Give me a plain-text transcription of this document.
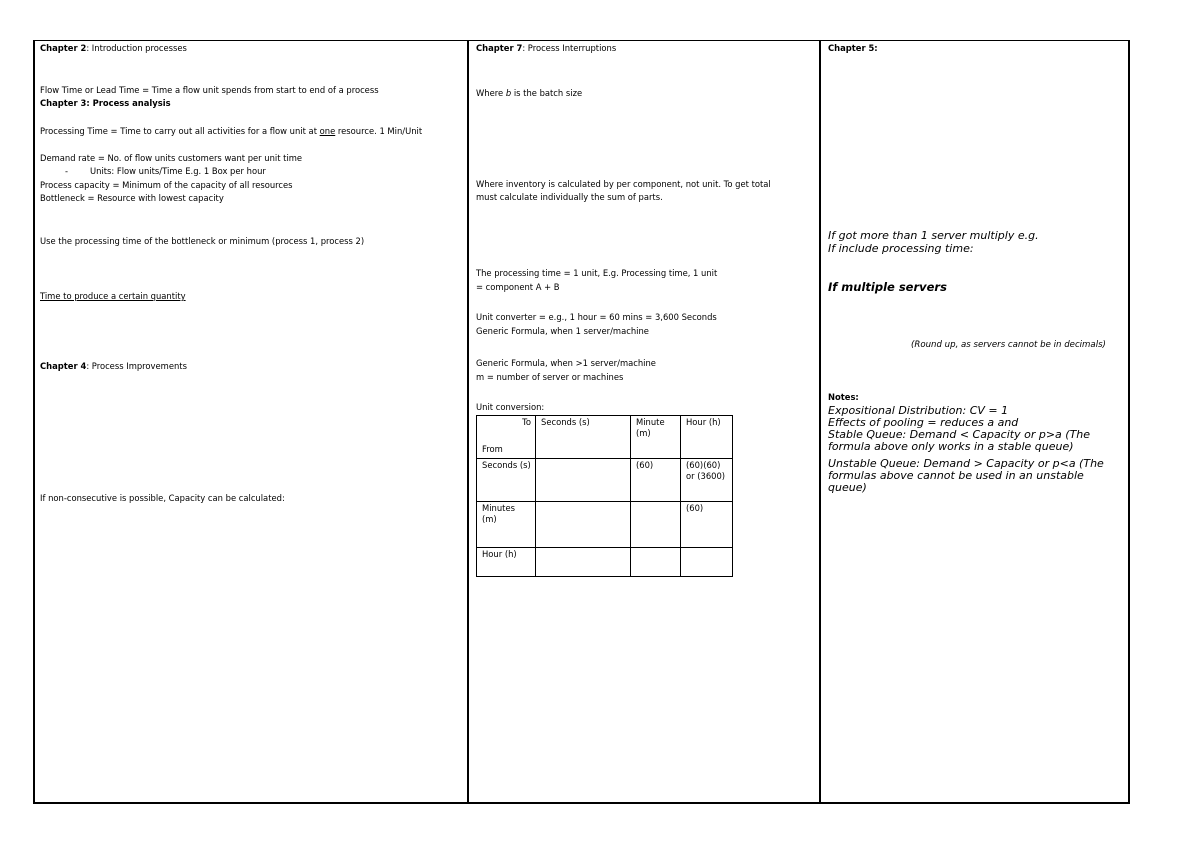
Chapter 2: Introduction processes
Flow Time or Lead Time = Time a flow unit spends from start to end of a process
Chapter 3: Process analysis
Processing Time = Time to carry out all activities for a flow unit at one resource. 1 Min/Unit
Demand rate = No. of flow units customers want per unit time
-	Units: Flow units/Time E.g. 1 Box per hour
Process capacity = Minimum of the capacity of all resources
Bottleneck = Resource with lowest capacity
Use the processing time of the bottleneck or minimum (process 1, process 2)
Time to produce a certain quantity
Chapter 4: Process Improvements
If non-consecutive is possible, Capacity can be calculated:
Chapter 7: Process Interruptions
Where b is the batch size
Where inventory is calculated by per component, not unit. To get total
must calculate individually the sum of parts.
The processing time = 1 unit, E.g. Processing time, 1 unit
= component A + B
Unit converter = e.g., 1 hour = 60 mins = 3,600 Seconds
Generic Formula, when 1 server/machine
Generic Formula, when >1 server/machine
m = number of server or machines
Unit conversion:
To
From	Seconds (s)	Minute (m)	Hour (h)
Seconds (s)		(60)	(60)(60) or (3600)
Minutes (m)			(60)
Hour (h)			
Chapter 5:
If got more than 1 server multiply e.g.
If include processing time:
If multiple servers
(Round up, as servers cannot be in decimals)
Notes:
Expositional Distribution: CV = 1
Effects of pooling = reduces a and
Stable Queue: Demand < Capacity or p>a (The
formula above only works in a stable queue)
Unstable Queue: Demand > Capacity or p<a (The
formulas above cannot be used in an unstable
queue)
